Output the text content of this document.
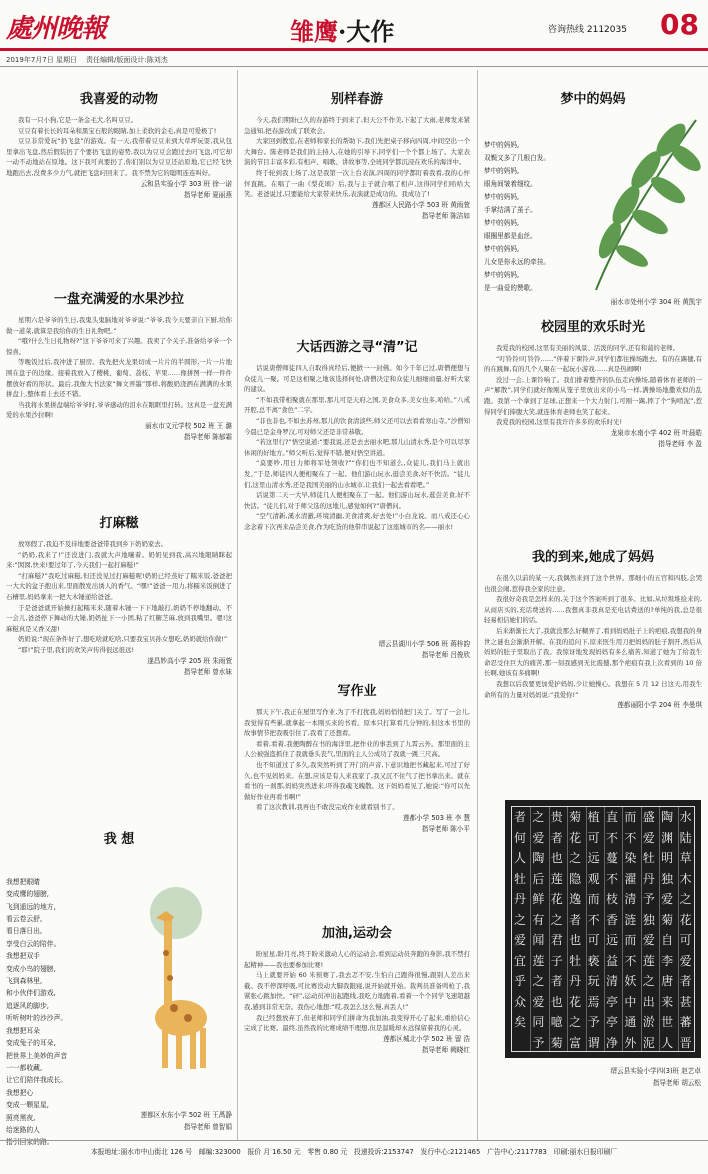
處州晚報	雏鹰·大作	咨询热线 2112035 08
2019年7月7日 星期日 责任编辑/版面设计:陈刘杰
我喜爱的动物

我有一只小狗,它是一条金毛犬,名叫豆豆。

豆豆有着长长的耳朵和黑宝石般的眼睛,加上柔软的金毛,真是可爱极了!

豆豆非常爱玩“扔飞盘”的游戏。有一天,我带着豆豆来到大草坪玩耍,我从包里拿出飞盘,然后假装扔了个要扔飞盘的姿势,我以为豆豆会跑过去叼飞盘,可它却一动不动地站在原地。这下我可真要扔了,你们别以为豆豆还站原地,它已经飞快地跑出去,没费多少力气,就把飞盘叼回来了。我不禁为它的聪明连连叫好。

云和县实验小学 303 班 徐一诺

指导老师 夏丽燕

一盘充满爱的水果沙拉

星期六是爷爷的生日,我鬼头鬼脑地对爷爷说:“爷爷,我今天要亲自下厨,给你做一道菜,就算是我给你的生日礼物吧。”

“哦?什么生日礼物呀?”这下爷爷可来了兴趣。我卖了个关子,准备给爷爷一个惊喜。

等晚饭过后,我冲进了厨房。我先把火龙果切成一片片的半圆形,一片一片地围在盘子的边缘。接着我放入了樱桃、葡萄、荔枝、苹果……像拼图一样一件件摆放好看的形状。最后,我像大书法家“舞文弄墨”那样,将酸奶浇洒在满满的水果拼盘上,整体看上去还不错。

当我将水果拼盘端给爷爷时,爷爷感动的泪水在眼眶里打转。这真是一盘充满爱的水果沙拉啊!

丽水市文元学校 502 班 王 潞

指导老师 陈郁霜

打麻糍

放寒假了,我迫不及待地要爸爸带我到乡下奶奶家去。

“奶奶,我来了!”还没进门,我就大声地嚷着。奶奶见到我,高兴地眼睛眯起来:“囡囡,快来!要过年了,今天我们一起打麻糍!”

“打麻糍?”我吃过麻糍,但还没见过打麻糍呢!奶奶已经蒸好了糯米饭,爸爸把一大大的盆子抱出来,里面散发出诱人的香气。“嘿!”爸爸一用力,将糯米饭倒进了石槽里,妈妈拿来一把大木锤递给爸爸。

于是爸爸就开始捶打起糯米来,随着木锤一下下地敲打,奶奶不停地翻动。不一会儿,爸爸停下舞动的大锤,奶奶扯下一小团,粘了红糖芝麻,放到我嘴里。嗯!这麻糍真是又香又甜!

奶奶说:“现在条件好了,想吃啥就吃啥,只要我宝贝孙女想吃,奶奶就给你做!”

“耶!”院子里,我们的欢笑声传得很远很远!

遂昌妙高小学 205 班 朱雨萱

指导老师 曾水妹

我 想

我想把眼睛
变成鹰的翅膀,
飞到遥远的地方,
看云卷云舒,
看日落日出,
享受白云的陪伴。
我想把双手
变成小鸟的翅膀,
飞到森林里,
和小伙伴们游戏,
追逐风的脚步,
听听树叶的沙沙声。
我想把耳朵
变成兔子的耳朵,
把世界上美妙的声音
一一都收藏,
让它们陪伴我成长。
我想把心
变成一颗星星,
照亮黑夜,
给迷路的人
指引回家的路。

莲都区水东小学 502 班 王禹静

指导老师 曾智娟

别样春游

今天,我们期盼已久的春游终于到来了,但天公不作美,下起了大雨,老师发来紧急通知,把春游改成了联欢会。

大家回到教室,在老师和家长的帮助下,我们先把桌子移向四周,中间空出一个大舞台。陈老师是我们的主持人,在她的引导下,同学们一个个都上场了。大家表演的节目丰富多彩,有相声、唱歌、讲故事等,全班同学都沉浸在欢乐的海洋中。

终于轮到我上场了,这是我第一次上台表演,四周的同学都盯着我看,我的心怦怦直跳。在唱了一曲《梨花颂》后,我与主子就合唱了相声,这得同学们哈哈大笑。老爸说过,只要能给大家带来快乐,表演就是成功的。我成功了!

莲都区人民路小学 503 班 黄雨萱

指导老师 陈洁如

大话西游之寻“清”记

话说唐僧师徒四人自取得真经后,便掀一一封佛。如今千年已过,唐僧便想与众徒儿一聚。可是这相聚之地该选择何处,唐僧决定和众徒儿细细商量,好听大家的建议。

“不如我带相聚就在那里,那儿可是天府之国,美食众多,美女也多,哈哈。”八戒开腔,总不离“食色”二字。

“非也非也,不如去苏州,那儿的饮食清淡些,师父还可以去看看寒山寺。”沙僧知今晨已是金身罗汉,可对师父还是非常恭敬。

“若这里行?”悟空说道:“要我说,还是去去丽水吧,那儿山清水秀,是个可以尽享休闲的好地方。”师父听后,觉得不错,便对悟空讲道。

“莫要吵,用日力师将军处领收?”“你们也不知道么,众徒儿,我们马上就出发。”于是,师徒四人便相聚在了一起。他们游山玩水,逛尝美食,好不快活。“徒儿们,这里山清水秀,还是我国美丽的山水城市,让我们一起去看看吧。”

话说第二天一大早,师徒几人便相聚在了一起。他们游山玩水,逛尝美食,好不快活。“徒儿们,对于师父选的这地儿,感觉如何?”唐僧问。

“空气清新,溪水清澈,环境清幽,美食清爽,好去处!”小白龙说。而八戒还心心念念着下次再来品尝美食,作为吃货的他带串说起了这座城市的名——丽水!

缙云县湖川小学 506 班 蒋梓韵

指导老师 吕俊欣

写作业

那天下午,我正在屋里写作业,为了不打扰我,妈妈悄悄把门关了。写了一会儿,我觉得有些累,就拿起一本刚买来的书看。原本只打算看几分钟的,但这本书里的故事情节把我吸引住了,我看了还想看。

看着,看着,我便陶醉在书的海洋里,把作业的事丢到了九霄云外。那里面的主人公被强盗抓住了我就垂头丧气,里面的主人公成功了我就一跳三尺高。

也不知道过了多久,我突然听到了开门的声音,下意识地把书藏起来,可过了好久,也不见妈妈来。在想,应该是有人来我家了,我又沉不住气了把书拿出来。就在看书的一刹那,妈妈突然进来,吓得我魂飞魄散。这下妈妈看见了,她说:“你可以先做好作业再看书啊!”

看了这次教训,我再也不敢没完成作业就看别书了。

莲都小学 503 班 李 慧

指导老师 陈小平

加油,运动会

盼星星,盼月亮,终于盼来激动人心的运动会,看到运动员奔跑的身影,我不禁打起精神——我也要参加比赛!

马上就要开始 60 米预赛了,我去忑不安,生怕自己跑得很慢,跟别人差出来截。我不停深呼吸,可比赛没动大脚我跟寝,说开始就开始。裁判员准备鸣枪了,我紧张心跳加快。“砰”,运动员冲出起跑线,我吃力地跑着,看着一个个同学飞速超越我,感到非常无奈。我伤心地想:“哎,我怎么这么慢,真丢人!”

我已经想放弃了,但老师和同学们拼命为我加油,我变得开心了起来,重拾信心完成了比赛。最终,虽然我的比赛成绩不理想,但是温暖却永远保留着我的心灵。

莲都区城北小学 502 班 留 浩

指导老师 阙晓红

梦中的妈妈

梦中的妈妈,
双鬓又多了几根白发。
梦中的妈妈,
眼角间皱着细纹。
梦中的妈妈,
手掌结满了茧子。
梦中的妈妈,
眼圈里都是血丝。
梦中的妈妈,
儿女是你永远的牵挂。
梦中的妈妈,
是一曲爱的赞歌。

丽水市处州小学 304 班 黄凯宇

校园里的欢乐时光

我爱我的校园,这里有美丽的风景、活泼的同学,还有和蔼的老师。

“叮铃铃!叮铃铃……”伴着下课铃声,同学们都往操场跑去。有的在踢毽,有的在跳舞,有的几个人聚在一起玩小游戏……真是热闹啊!

没过一会,上课铃响了。我们排着整齐的队伍走向操场,随着体育老师的一声“解散”,同学们就好像刚从笼子里放出来的小鸟一样,满操场地撒欢似的乱跑。我第一个拿到了足球,正想来一个大力射门,可刚一踢,摔了个“狗啃泥”,惹得同学们捧腹大笑,就连体育老师也笑了起来。

我爱我的校园,这里有我许许多多的欢乐时光!

龙泉市水南小学 402 班 叶晨皓

指导老师 李 盈

我的到来,她成了妈妈

在很久以前的某一天,我偶然来到了这个世界。那细小的五官和四肢,会哭也很会闹,惹得我全家的注意。

我很好奇我是怎样来的,关于这个答案听到了很多。比如,从垃圾堆捡来的,从商店买的,充话费送的……我想真非我真是充电话费送的?单纯的我,总是很轻易相信她们的话。

后来渐渐长大了,我就没那么好糊弄了,看到妈妈肚子上的疤痕,我想我的身世之谜也会渐渐开解。在我的追问下,原来医生用刀把妈妈的肚子割开,然后从妈妈的肚子里取出了我。我惊讶地发现妈妈有多么痛苦,知道了她为了给我生命忍受住巨大的痛苦,那一刻我感到无比震撼,那个疤痕有我上次看到的 10 倍长啊,她该有多痛啊!

我想以后我要更加爱护妈妈,少让她操心。我想在 5 月 12 日这天,用我生命所有的力量对妈妈说:“我爱你!”

莲都丽阳小学 204 班 李曼琪

水
陆
草
木
之
花
可
爱
者
甚
蕃
晋
陶
渊
明
独
爱
菊
自
李
唐
来
世
人
盛
爱
牡
丹
予
独
爱
莲
之
出
淤
泥
而
不
染
濯
清
涟
而
不
妖
中
通
外
直
不
蔓
不
枝
香
远
益
清
亭
亭
净
植
可
远
观
而
不
可
亵
玩
焉
予
谓
菊
花
之
隐
逸
者
也
牡
丹
花
之
富
贵
者
也
莲
花
之
君
子
者
也
噫
菊
之
爱
陶
后
鲜
有
闻
莲
之
爱
同
予
者
何
人
牡
丹
之
爱
宜
乎
众
矣

缙云县实验小学四(3)班 赵艺卓

指导老师 胡云松

本报地址:丽水市中山街北 126 号　邮编:323000　报价 月 16.50 元　零售 0.80 元　投递投诉:2153747　发行中心:2121465　广告中心:2117783　印刷:丽水日报印刷厂
